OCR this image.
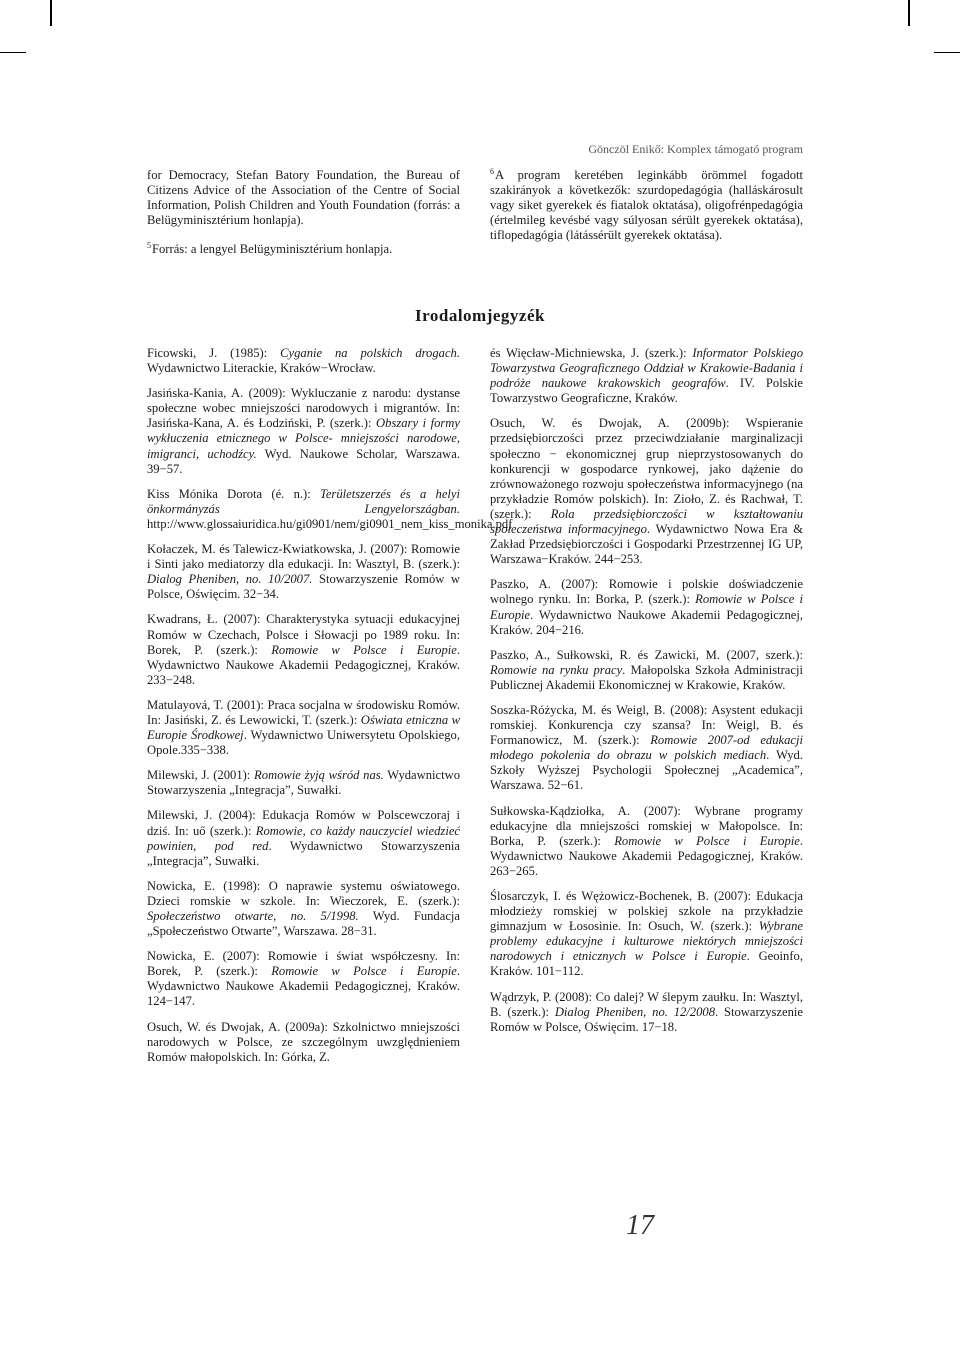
Gönczöl Enikő: Komplex támogató program

for Democracy, Stefan Batory Foundation, the Bureau of Citizens Advice of the Association of the Centre of Social Information, Polish Children and Youth Foundation (forrás: a Belügyminisztérium honlapja).

$^5$Forrás: a lengyel Belügyminisztérium honlapja.

$^6$A program keretében leginkább örömmel fogadott szakirányok a következők: szurdopedagógia (halláskárosult vagy siket gyerekek és fiatalok oktatása), oligofrénpedagógia (értelmileg kevésbé vagy súlyosan sérült gyerekek oktatása), tiflopedagógia (látássérült gyerekek oktatása).

Irodalomjegyzék

Ficowski, J. (1985): Cyganie na polskich drogach. Wydawnictwo Literackie, Kraków−Wrocław.

Jasińska-Kania, A. (2009): Wykluczanie z narodu: dystanse społeczne wobec mniejszości narodowych i migrantów. In: Jasińska-Kana, A. és Łodziński, P. (szerk.): Obszary i formy wykłuczenia etnicznego w Polsce- mniejszości narodowe, imigranci, uchodźcy. Wyd. Naukowe Scholar, Warszawa. 39−57.

Kiss Mónika Dorota (é. n.): Területszerzés és a helyi önkormányzás Lengyelországban. http://www.glossaiuridica.hu/gi0901/nem/gi0901_nem_kiss_monika.pdf

Kołaczek, M. és Talewicz-Kwiatkowska, J. (2007): Romowie i Sinti jako mediatorzy dla edukacji. In: Wasztyl, B. (szerk.): Dialog Pheniben, no. 10/2007. Stowarzyszenie Romów w Polsce, Oświęcim. 32−34.

Kwadrans, Ł. (2007): Charakterystyka sytuacji edukacyjnej Romów w Czechach, Polsce i Słowacji po 1989 roku. In: Borek, P. (szerk.): Romowie w Polsce i Europie. Wydawnictwo Naukowe Akademii Pedagogicznej, Kraków. 233−248.

Matulayová, T. (2001): Praca socjalna w środowisku Romów. In: Jasiński, Z. és Lewowicki, T. (szerk.): Oświata etniczna w Europie Środkowej. Wydawnictwo Uniwersytetu Opolskiego, Opole.335−338.

Milewski, J. (2001): Romowie żyją wśród nas. Wydawnictwo Stowarzyszenia „Integracja”, Suwałki.

Milewski, J. (2004): Edukacja Romów w Polscewczoraj i dziś. In: uő (szerk.): Romowie, co każdy nauczyciel wiedzieć powinien, pod red. Wydawnictwo Stowarzyszenia „Integracja”, Suwałki.

Nowicka, E. (1998): O naprawie systemu oświatowego. Dzieci romskie w szkole. In: Wieczorek, E. (szerk.): Społeczeństwo otwarte, no. 5/1998. Wyd. Fundacja „Społeczeństwo Otwarte”, Warszawa. 28−31.

Nowicka, E. (2007): Romowie i świat współczesny. In: Borek, P. (szerk.): Romowie w Polsce i Europie. Wydawnictwo Naukowe Akademii Pedagogicznej, Kraków. 124−147.

Osuch, W. és Dwojak, A. (2009a): Szkolnictwo mniejszości narodowych w Polsce, ze szczególnym uwzględnieniem Romów małopolskich. In: Górka, Z.

és Więcław-Michniewska, J. (szerk.): Informator Polskiego Towarzystwa Geograficznego Oddział w Krakowie-Badania i podróże naukowe krakowskich geografów. IV. Polskie Towarzystwo Geograficzne, Kraków.

Osuch, W. és Dwojak, A. (2009b): Wspieranie przedsiębiorczości przez przeciwdziałanie marginalizacji społeczno − ekonomicznej grup nieprzystosowanych do konkurencji w gospodarce rynkowej, jako dążenie do zrównoważonego rozwoju społeczeństwa informacyjnego (na przykładzie Romów polskich). In: Zioło, Z. és Rachwał, T. (szerk.): Rola przedsiębiorczości w kształtowaniu społeczeństwa informacyjnego. Wydawnictwo Nowa Era & Zakład Przedsiębiorczości i Gospodarki Przestrzennej IG UP, Warszawa−Kraków. 244−253.

Paszko, A. (2007): Romowie i polskie doświadczenie wolnego rynku. In: Borka, P. (szerk.): Romowie w Polsce i Europie. Wydawnictwo Naukowe Akademii Pedagogicznej, Kraków. 204−216.

Paszko, A., Sułkowski, R. és Zawicki, M. (2007, szerk.): Romowie na rynku pracy. Małopolska Szkoła Administracji Publicznej Akademii Ekonomicznej w Krakowie, Kraków.

Soszka-Różycka, M. és Weigl, B. (2008): Asystent edukacji romskiej. Konkurencja czy szansa? In: Weigl, B. és Formanowicz, M. (szerk.): Romowie 2007-od edukacji młodego pokolenia do obrazu w polskich mediach. Wyd. Szkoły Wyższej Psychologii Społecznej „Academica”, Warszawa. 52−61.

Sułkowska-Kądziołka, A. (2007): Wybrane programy edukacyjne dla mniejszości romskiej w Małopolsce. In: Borka, P. (szerk.): Romowie w Polsce i Europie. Wydawnictwo Naukowe Akademii Pedagogicznej, Kraków. 263−265.

Ślosarczyk, I. és Wężowicz-Bochenek, B. (2007): Edukacja młodzieży romskiej w polskiej szkole na przykładzie gimnazjum w Łososinie. In: Osuch, W. (szerk.): Wybrane problemy edukacyjne i kulturowe niektórych mniejszości narodowych i etnicznych w Polsce i Europie. Geoinfo, Kraków. 101−112.

Wądrzyk, P. (2008): Co dalej? W ślepym zaułku. In: Wasztyl, B. (szerk.): Dialog Pheniben, no. 12/2008. Stowarzyszenie Romów w Polsce, Oświęcim. 17−18.

17
